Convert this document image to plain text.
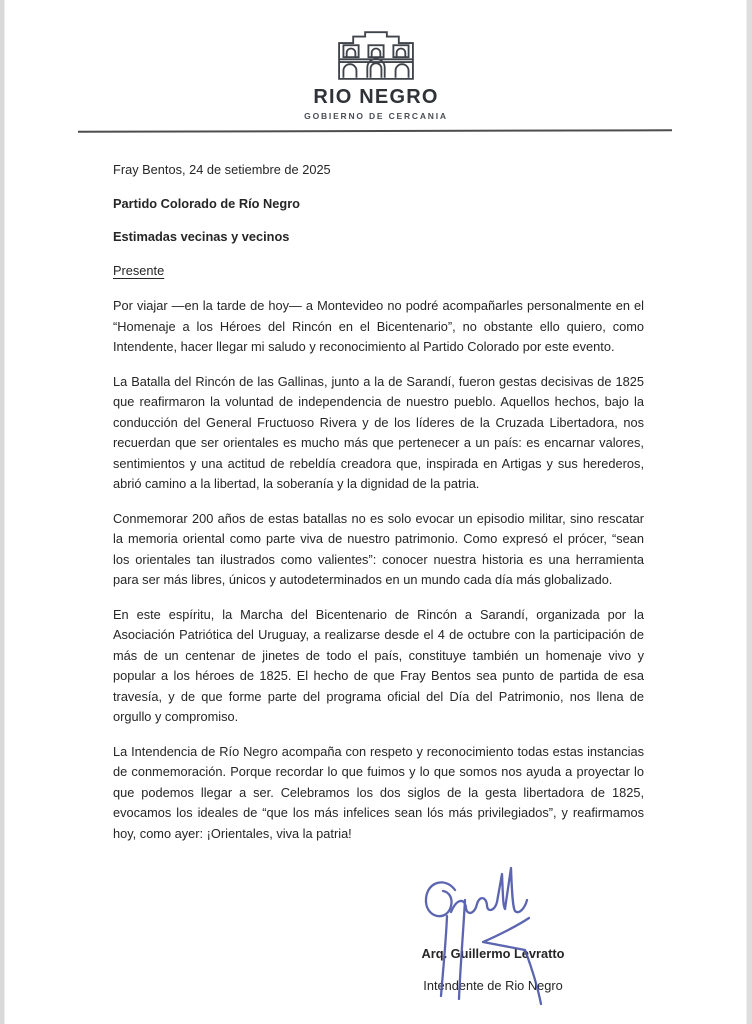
RIO NEGRO
GOBIERNO DE CERCANIA
Fray Bentos, 24 de setiembre de 2025
Partido Colorado de Río Negro
Estimadas vecinas y vecinos
Presente

Por viajar —en la tarde de hoy— a Montevideo no podré acompañarles personalmente en el “Homenaje a los Héroes del Rincón en el Bicentenario”, no obstante ello quiero, como Intendente, hacer llegar mi saludo y reconocimiento al Partido Colorado por este evento.

La Batalla del Rincón de las Gallinas, junto a la de Sarandí, fueron gestas decisivas de 1825 que reafirmaron la voluntad de independencia de nuestro pueblo. Aquellos hechos, bajo la conducción del General Fructuoso Rivera y de los líderes de la Cruzada Libertadora, nos recuerdan que ser orientales es mucho más que pertenecer a un país: es encarnar valores, sentimientos y una actitud de rebeldía creadora que, inspirada en Artigas y sus herederos, abrió camino a la libertad, la soberanía y la dignidad de la patria.

Conmemorar 200 años de estas batallas no es solo evocar un episodio militar, sino rescatar la memoria oriental como parte viva de nuestro patrimonio. Como expresó el prócer, “sean los orientales tan ilustrados como valientes”: conocer nuestra historia es una herramienta para ser más libres, únicos y autodeterminados en un mundo cada día más globalizado.

En este espíritu, la Marcha del Bicentenario de Rincón a Sarandí, organizada por la Asociación Patriótica del Uruguay, a realizarse desde el 4 de octubre con la participación de más de un centenar de jinetes de todo el país, constituye también un homenaje vivo y popular a los héroes de 1825. El hecho de que Fray Bentos sea punto de partida de esa travesía, y de que forme parte del programa oficial del Día del Patrimonio, nos llena de orgullo y compromiso.

La Intendencia de Río Negro acompaña con respeto y reconocimiento todas estas instancias de conmemoración. Porque recordar lo que fuimos y lo que somos nos ayuda a proyectar lo que podemos llegar a ser. Celebramos los dos siglos de la gesta libertadora de 1825, evocamos los ideales de “que los más infelices sean lós más privilegiados”, y reafirmamos hoy, como ayer: ¡Orientales, viva la patria!

Arq. Guillermo Levratto
Intendente de Rio Negro
